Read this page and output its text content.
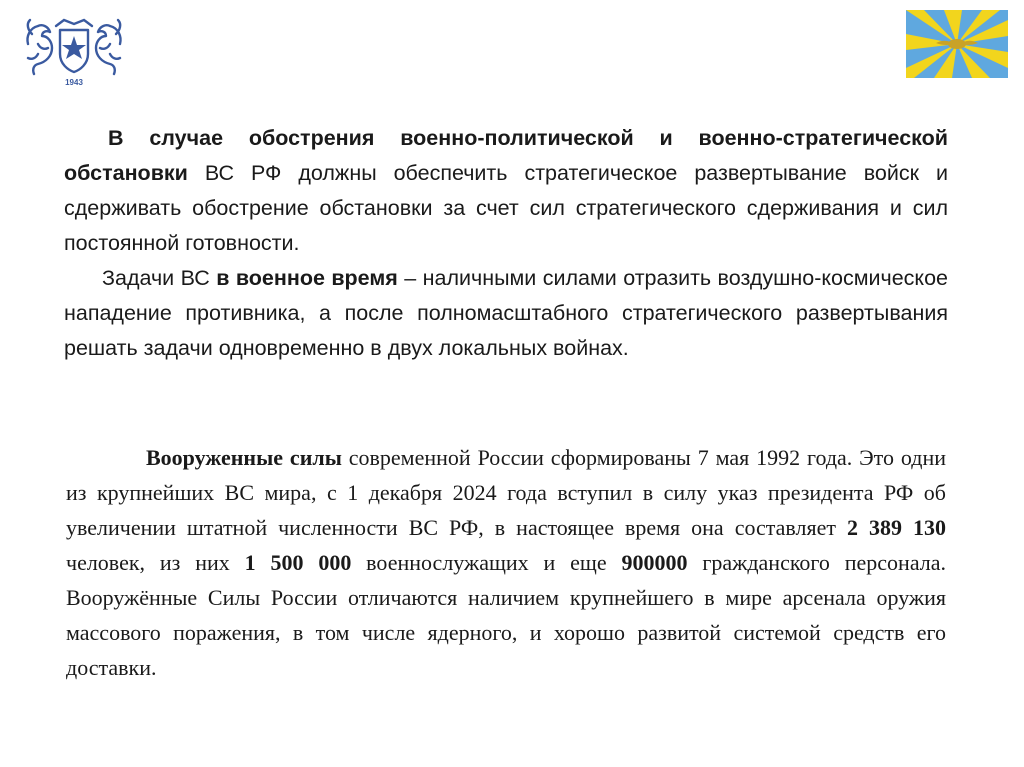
1943

В случае обострения военно-политической и военно-стратегической обстановки ВС РФ должны обеспечить стратегическое развертывание войск и сдерживать обострение обстановки за счет сил стратегического сдерживания и сил постоянной готовности.

Задачи ВС в военное время – наличными силами отразить воздушно-космическое нападение противника, а после полномасштабного стратегического развертывания решать задачи одновременно в двух локальных войнах.

Вооруженные силы современной России сформированы 7 мая 1992 года. Это одни из крупнейших ВС мира, с 1 декабря 2024 года вступил в силу указ президента РФ об увеличении штатной численности ВС РФ, в настоящее время она составляет 2 389 130 человек, из них 1 500 000 военнослужащих и еще 900000 гражданского персонала. Вооружённые Силы России отличаются наличием крупнейшего в мире арсенала оружия массового поражения, в том числе ядерного, и хорошо развитой системой средств его доставки.
